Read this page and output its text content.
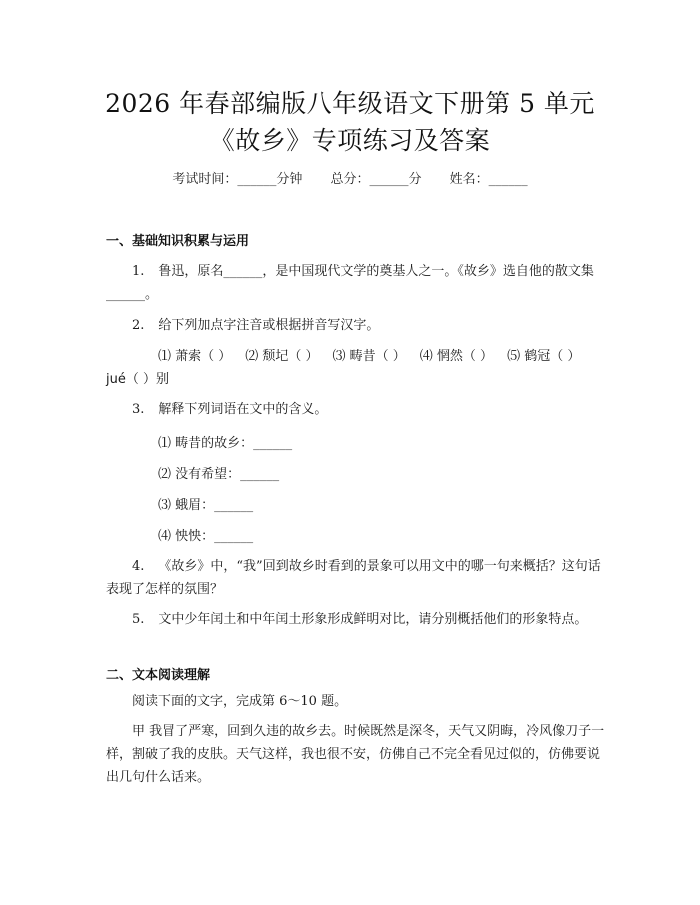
2026 年春部编版八年级语文下册第 5 单元
《故乡》专项练习及答案
考试时间：______分钟 总分：______分 姓名：______
一、基础知识积累与运用
1. 鲁迅，原名______，是中国现代文学的奠基人之一。《故乡》选自他的散文集______。
2. 给下列加点字注音或根据拼音写汉字。
⑴ 萧索（ ） ⑵ 颓圮（ ） ⑶ 畴昔（ ） ⑷ 惘然（ ） ⑸ 鹤冠（ ）jué（ ）别
3. 解释下列词语在文中的含义。
⑴ 畴昔的故乡：______
⑵ 没有希望：______
⑶ 蛾眉：______
⑷ 怏怏：______
4. 《故乡》中，“我”回到故乡时看到的景象可以用文中的哪一句来概括？这句话表现了怎样的氛围？
5. 文中少年闰土和中年闰土形象形成鲜明对比，请分别概括他们的形象特点。
二、文本阅读理解
阅读下面的文字，完成第 6～10 题。
甲 我冒了严寒，回到久违的故乡去。时候既然是深冬，天气又阴晦，冷风像刀子一样，割破了我的皮肤。天气这样，我也很不安，仿佛自己不完全看见过似的，仿佛要说出几句什么话来。
